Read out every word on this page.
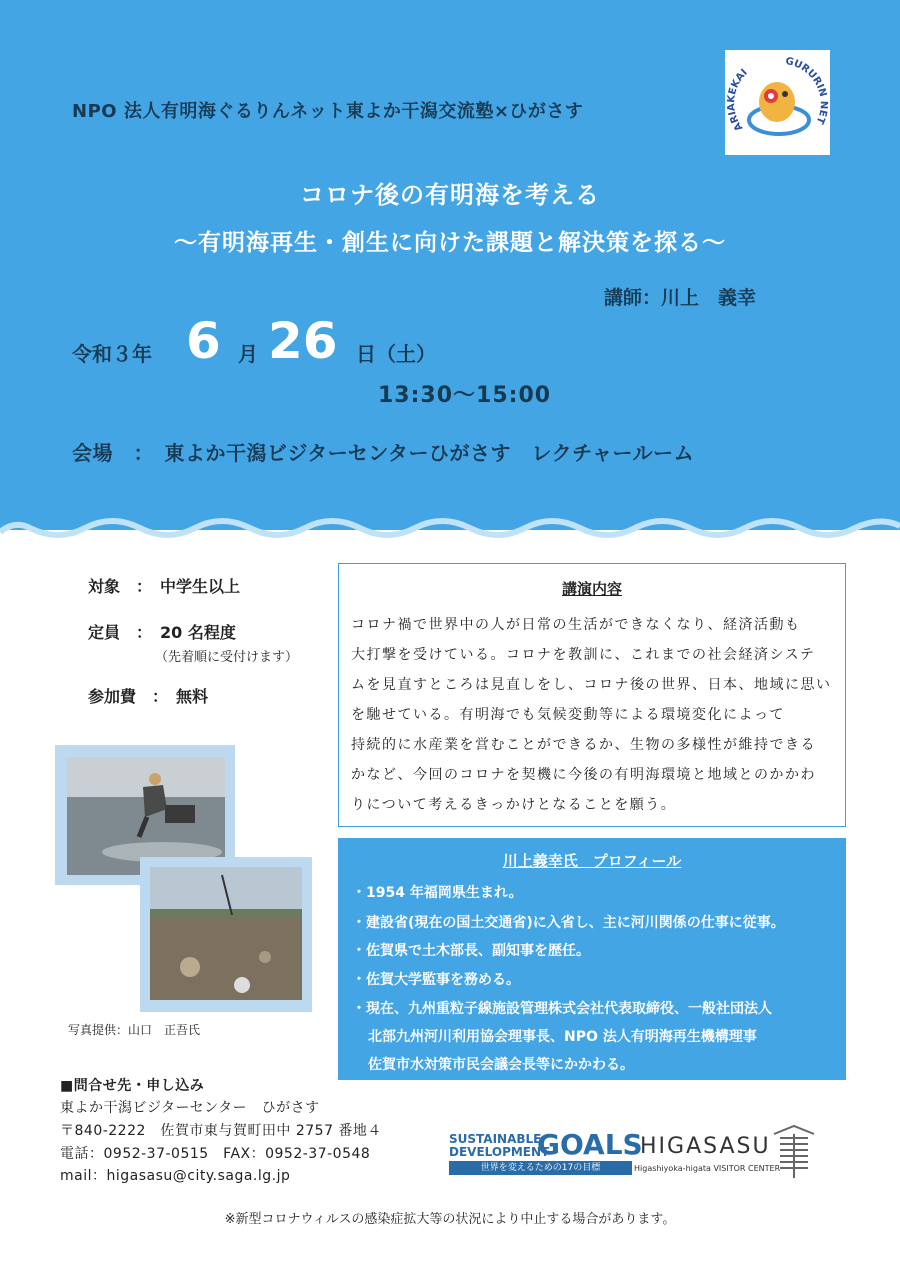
NPO 法人有明海ぐるりんネット東よか干潟交流塾×ひがさす
ARIAKEKAI
GURURIN NET
コロナ後の有明海を考える
～有明海再生・創生に向けた課題と解決策を探る～
講師：川上　義幸
令和３年 6 月 26 日（土）
13:30～15:00
会場　：　東よか干潟ビジターセンターひがさす　レクチャールーム
対象　：　中学生以上
定員　：　20 名程度
（先着順に受付けます）
参加費　：　無料
講演内容
コロナ禍で世界中の人が日常の生活ができなくなり、経済活動も
大打撃を受けている。コロナを教訓に、これまでの社会経済システ
ムを見直すところは見直しをし、コロナ後の世界、日本、地域に思い
を馳せている。有明海でも気候変動等による環境変化によって
持続的に水産業を営むことができるか、生物の多様性が維持できる
かなど、今回のコロナを契機に今後の有明海環境と地域とのかかわ
りについて考えるきっかけとなることを願う。
川上義幸氏　プロフィール
・1954 年福岡県生まれ。
・建設省(現在の国土交通省)に入省し、主に河川関係の仕事に従事。
・佐賀県で土木部長、副知事を歴任。
・佐賀大学監事を務める。
・現在、九州重粒子線施設管理株式会社代表取締役、一般社団法人
北部九州河川利用協会理事長、NPO 法人有明海再生機構理事
佐賀市水対策市民会議会長等にかかわる。
写真提供：山口　正吾氏
■問合せ先・申し込み
東よか干潟ビジターセンター　ひがさす
〒840-2222　佐賀市東与賀町田中 2757 番地４
電話：0952-37-0515　FAX：0952-37-0548
mail：higasasu@city.saga.lg.jp
SUSTAINABLE
DEVELOPMENT
GOALS
世界を変えるための17の目標
HIGASASU
Higashiyoka-higata VISITOR CENTER
※新型コロナウィルスの感染症拡大等の状況により中止する場合があります。
